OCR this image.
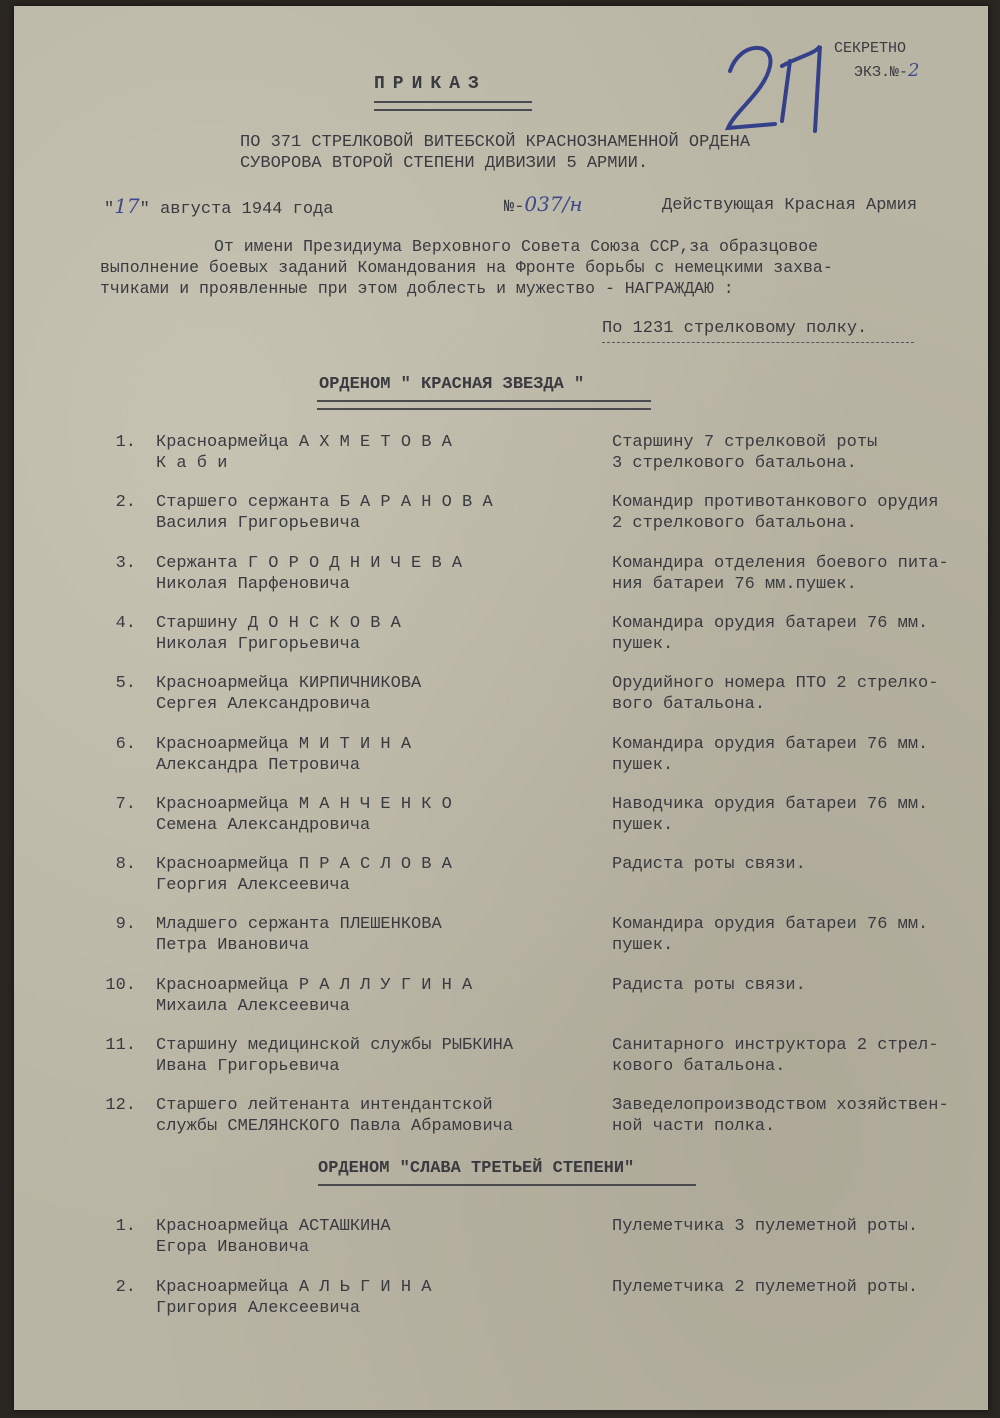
СЕКРЕТНО
ЭКЗ.№-2
ПРИКАЗ
ПО 371 СТРЕЛКОВОЙ ВИТЕБСКОЙ КРАСНОЗНАМЕННОЙ ОРДЕНА
СУВОРОВА ВТОРОЙ СТЕПЕНИ ДИВИЗИИ 5 АРМИИ.
"17" августа 1944 года	№-037/н	Действующая Красная Армия
От имени Президиума Верховного Совета Союза ССР,за образцовое
выполнение боевых заданий Командования на Фронте борьбы с немецкими захва-
тчиками и проявленные при этом доблесть и мужество - НАГРАЖДАЮ :
По 1231 стрелковому полку.
ОРДЕНОМ " КРАСНАЯ ЗВЕЗДА "
1. Красноармейца А Х М Е Т О В А
К а б и
Старшину 7 стрелковой роты
3 стрелкового батальона.
2. Старшего сержанта Б А Р А Н О В А
Василия Григорьевича
Командир противотанкового орудия
2 стрелкового батальона.
3. Сержанта Г О Р О Д Н И Ч Е В А
Николая Парфеновича
Командира отделения боевого пита-
ния батареи 76 мм.пушек.
4. Старшину Д О Н С К О В А
Николая Григорьевича
Командира орудия батареи 76 мм.
пушек.
5. Красноармейца КИРПИЧНИКОВА
Сергея Александровича
Орудийного номера ПТО 2 стрелко-
вого батальона.
6. Красноармейца М И Т И Н А
Александра Петровича
Командира орудия батареи 76 мм.
пушек.
7. Красноармейца М А Н Ч Е Н К О
Семена Александровича
Наводчика орудия батареи 76 мм.
пушек.
8. Красноармейца П Р А С Л О В А
Георгия Алексеевича
Радиста роты связи.
9. Младшего сержанта ПЛЕШЕНКОВА
Петра Ивановича
Командира орудия батареи 76 мм.
пушек.
10. Красноармейца Р А Л Л У Г И Н А
Михаила Алексеевича
Радиста роты связи.
11. Старшину медицинской службы РЫБКИНА
Ивана Григорьевича
Санитарного инструктора 2 стрел-
кового батальона.
12. Старшего лейтенанта интендантской
службы СМЕЛЯНСКОГО Павла Абрамовича
Заведелопроизводством хозяйствен-
ной части полка.
ОРДЕНОМ "СЛАВА ТРЕТЬЕЙ СТЕПЕНИ"
1. Красноармейца АСТАШКИНА
Егора Ивановича
Пулеметчика 3 пулеметной роты.
2. Красноармейца А Л Ь Г И Н А
Григория Алексеевича
Пулеметчика 2 пулеметной роты.
